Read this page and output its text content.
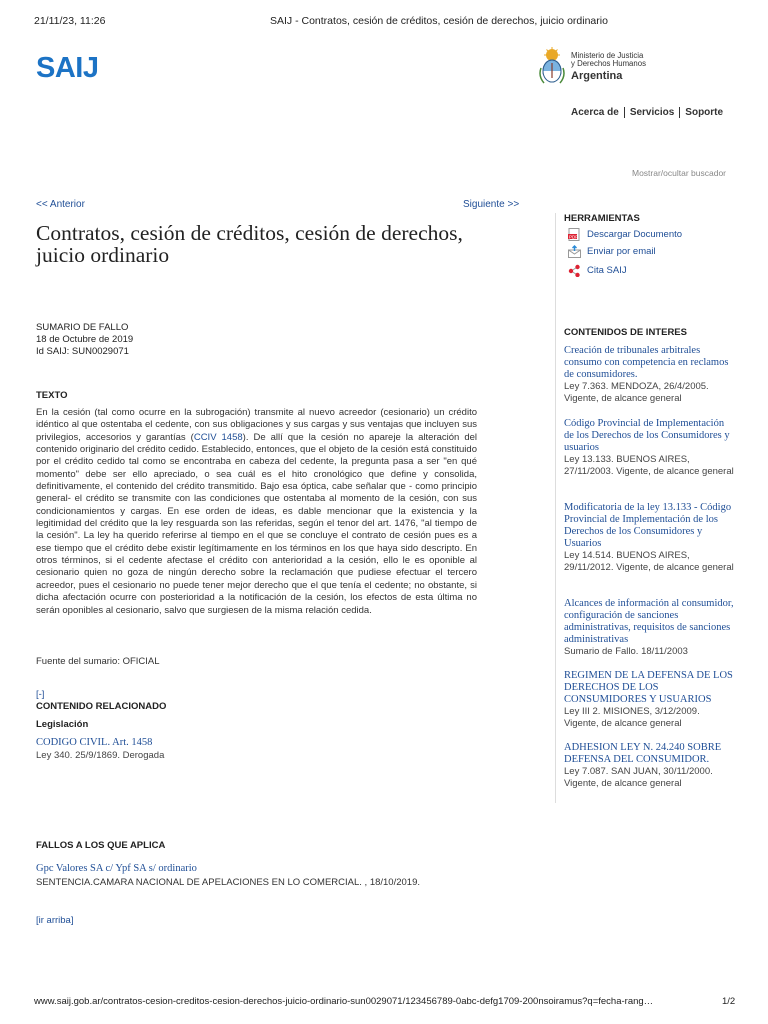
21/11/23, 11:26	SAIJ - Contratos, cesión de créditos, cesión de derechos, juicio ordinario
SAIJ	Ministerio de Justicia
y Derechos Humanos
Argentina
Acerca de	Servicios	Soporte
Mostrar/ocultar buscador
<< Anterior	Siguiente >>
Contratos, cesión de créditos, cesión de derechos, juicio ordinario
SUMARIO DE FALLO
18 de Octubre de 2019
Id SAIJ: SUN0029071
TEXTO
En la cesión (tal como ocurre en la subrogación) transmite al nuevo acreedor (cesionario) un crédito idéntico al que ostentaba el cedente, con sus obligaciones y sus cargas y sus ventajas que incluyen sus privilegios, accesorios y garantías (CCIV 1458). De allí que la cesión no apareje la alteración del contenido originario del crédito cedido. Establecido, entonces, que el objeto de la cesión está constituido por el crédito cedido tal como se encontraba en cabeza del cedente, la pregunta pasa a ser "en qué momento" debe ser ello apreciado, o sea cuál es el hito cronológico que define y consolida, definitivamente, el contenido del crédito transmitido. Bajo esa óptica, cabe señalar que - como principio general- el crédito se transmite con las condiciones que ostentaba al momento de la cesión, con sus condicionamientos y cargas. En ese orden de ideas, es dable mencionar que la existencia y la legitimidad del crédito que la ley resguarda son las referidas, según el tenor del art. 1476, "al tiempo de la cesión". La ley ha querido referirse al tiempo en el que se concluye el contrato de cesión pues es a ese tiempo que el crédito debe existir legítimamente en los términos en los que haya sido descripto. En otros términos, si el cedente afectase el crédito con anterioridad a la cesión, ello le es oponible al cesionario quien no goza de ningún derecho sobre la reclamación que pudiese efectuar el tercero acreedor, pues el cesionario no puede tener mejor derecho que el que tenía el cedente; no obstante, si dicha afectación ocurre con posterioridad a la notificación de la cesión, los efectos de esta última no serán oponibles al cesionario, salvo que surgiesen de la misma relación cedida.
Fuente del sumario: OFICIAL
[-]
CONTENIDO RELACIONADO
Legislación
CODIGO CIVIL. Art. 1458
Ley 340. 25/9/1869. Derogada
HERRAMIENTAS
PDF Descargar Documento
Enviar por email
Cita SAIJ
CONTENIDOS DE INTERES
Creación de tribunales arbitrales consumo con competencia en reclamos de consumidores.
Ley 7.363. MENDOZA, 26/4/2005. Vigente, de alcance general
Código Provincial de Implementación de los Derechos de los Consumidores y usuarios
Ley 13.133. BUENOS AIRES, 27/11/2003. Vigente, de alcance general
Modificatoria de la ley 13.133 - Código Provincial de Implementación de los Derechos de los Consumidores y Usuarios
Ley 14.514. BUENOS AIRES, 29/11/2012. Vigente, de alcance general
Alcances de información al consumidor, configuración de sanciones administrativas, requisitos de sanciones administrativas
Sumario de Fallo. 18/11/2003
REGIMEN DE LA DEFENSA DE LOS DERECHOS DE LOS CONSUMIDORES Y USUARIOS
Ley III 2. MISIONES, 3/12/2009. Vigente, de alcance general
ADHESION LEY N. 24.240 SOBRE DEFENSA DEL CONSUMIDOR.
Ley 7.087. SAN JUAN, 30/11/2000. Vigente, de alcance general
FALLOS A LOS QUE APLICA
Gpc Valores SA c/ Ypf SA s/ ordinario
SENTENCIA.CAMARA NACIONAL DE APELACIONES EN LO COMERCIAL. , 18/10/2019.
[ir arriba]
www.saij.gob.ar/contratos-cesion-creditos-cesion-derechos-juicio-ordinario-sun0029071/123456789-0abc-defg1709-200nsoiramus?q=fecha-rang…	1/2
